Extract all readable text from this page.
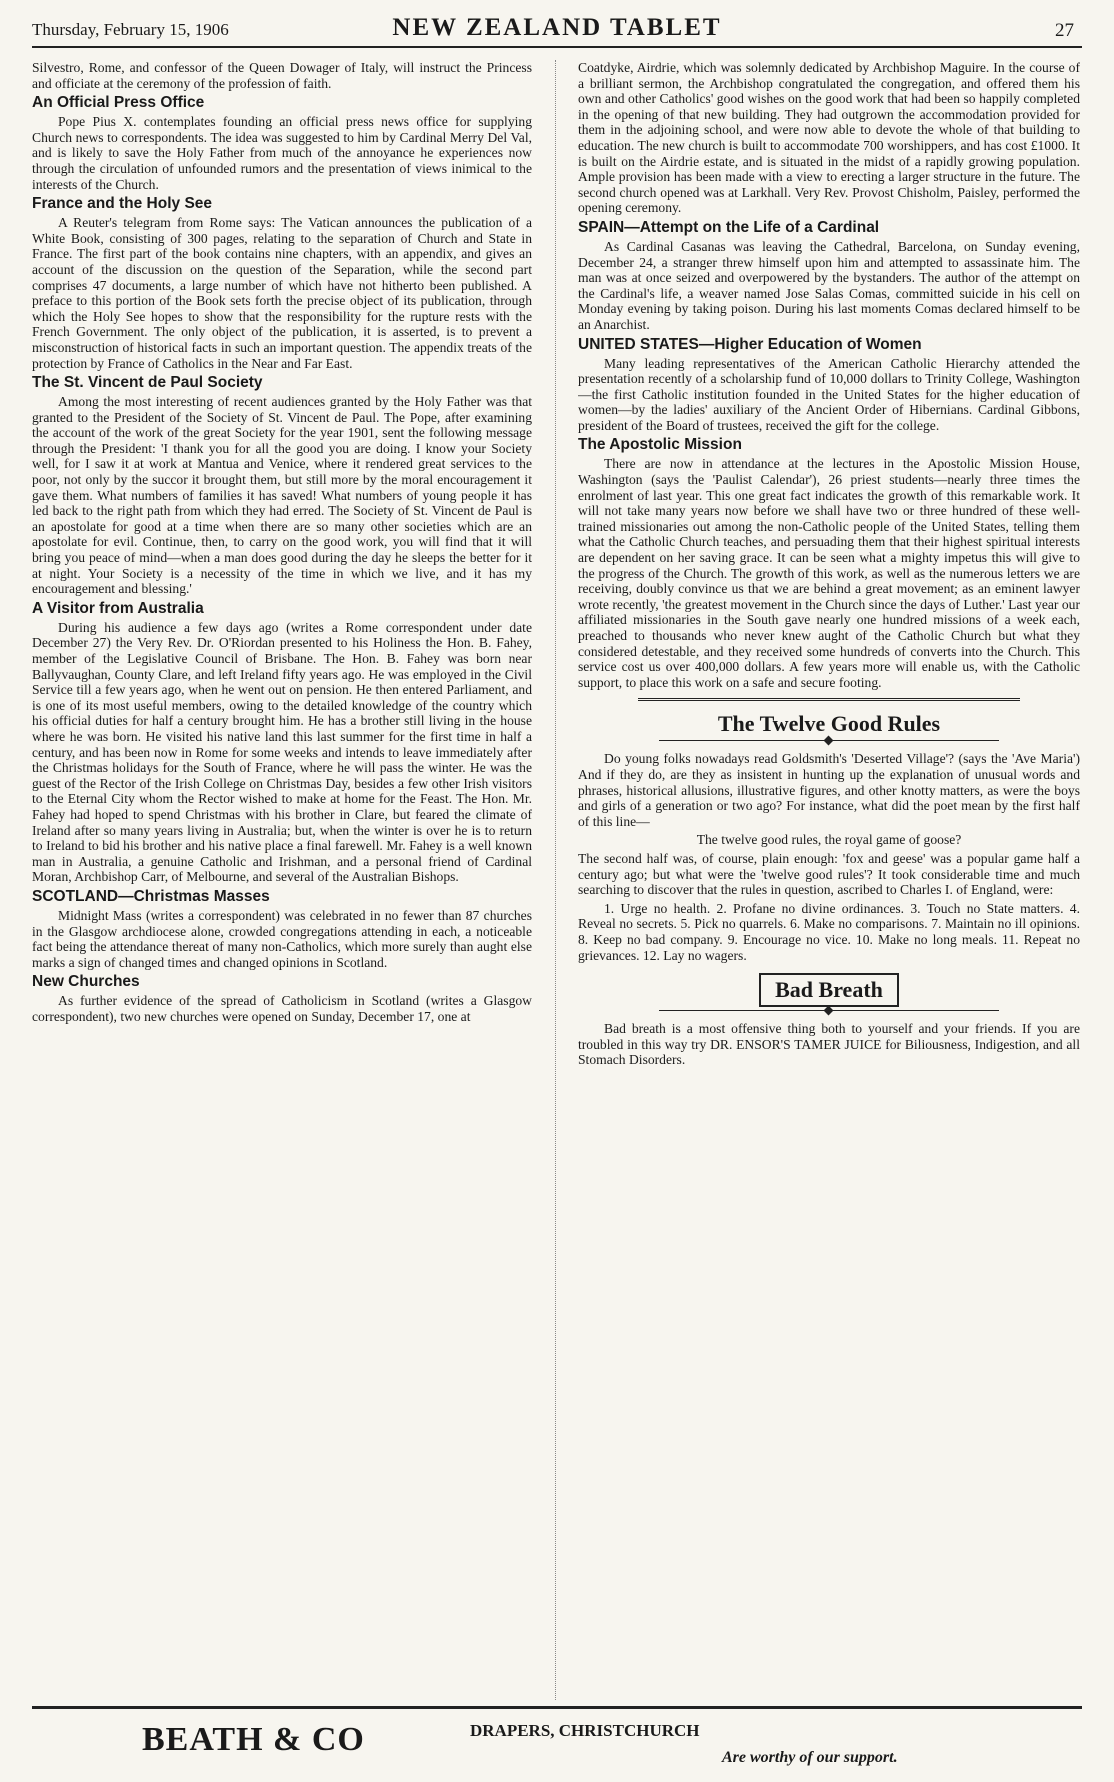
Thursday, February 15, 1906	NEW ZEALAND TABLET	27

Silvestro, Rome, and confessor of the Queen Dowager of Italy, will instruct the Princess and officiate at the ceremony of the profession of faith.

An Official Press Office

Pope Pius X. contemplates founding an official press news office for supplying Church news to correspondents. The idea was suggested to him by Cardinal Merry Del Val, and is likely to save the Holy Father from much of the annoyance he experiences now through the circulation of unfounded rumors and the presentation of views inimical to the interests of the Church.

France and the Holy See

A Reuter's telegram from Rome says: The Vatican announces the publication of a White Book, consisting of 300 pages, relating to the separation of Church and State in France. The first part of the book contains nine chapters, with an appendix, and gives an account of the discussion on the question of the Separation, while the second part comprises 47 documents, a large number of which have not hitherto been published. A preface to this portion of the Book sets forth the precise object of its publication, through which the Holy See hopes to show that the responsibility for the rupture rests with the French Government. The only object of the publication, it is asserted, is to prevent a misconstruction of historical facts in such an important question. The appendix treats of the protection by France of Catholics in the Near and Far East.

The St. Vincent de Paul Society

Among the most interesting of recent audiences granted by the Holy Father was that granted to the President of the Society of St. Vincent de Paul. The Pope, after examining the account of the work of the great Society for the year 1901, sent the following message through the President: 'I thank you for all the good you are doing. I know your Society well, for I saw it at work at Mantua and Venice, where it rendered great services to the poor, not only by the succor it brought them, but still more by the moral encouragement it gave them. What numbers of families it has saved! What numbers of young people it has led back to the right path from which they had erred. The Society of St. Vincent de Paul is an apostolate for good at a time when there are so many other societies which are an apostolate for evil. Continue, then, to carry on the good work, you will find that it will bring you peace of mind—when a man does good during the day he sleeps the better for it at night. Your Society is a necessity of the time in which we live, and it has my encouragement and blessing.'

A Visitor from Australia

During his audience a few days ago (writes a Rome correspondent under date December 27) the Very Rev. Dr. O'Riordan presented to his Holiness the Hon. B. Fahey, member of the Legislative Council of Brisbane. The Hon. B. Fahey was born near Ballyvaughan, County Clare, and left Ireland fifty years ago. He was employed in the Civil Service till a few years ago, when he went out on pension. He then entered Parliament, and is one of its most useful members, owing to the detailed knowledge of the country which his official duties for half a century brought him. He has a brother still living in the house where he was born. He visited his native land this last summer for the first time in half a century, and has been now in Rome for some weeks and intends to leave immediately after the Christmas holidays for the South of France, where he will pass the winter. He was the guest of the Rector of the Irish College on Christmas Day, besides a few other Irish visitors to the Eternal City whom the Rector wished to make at home for the Feast. The Hon. Mr. Fahey had hoped to spend Christmas with his brother in Clare, but feared the climate of Ireland after so many years living in Australia; but, when the winter is over he is to return to Ireland to bid his brother and his native place a final farewell. Mr. Fahey is a well known man in Australia, a genuine Catholic and Irishman, and a personal friend of Cardinal Moran, Archbishop Carr, of Melbourne, and several of the Australian Bishops.

SCOTLAND—Christmas Masses

Midnight Mass (writes a correspondent) was celebrated in no fewer than 87 churches in the Glasgow archdiocese alone, crowded congregations attending in each, a noticeable fact being the attendance thereat of many non-Catholics, which more surely than aught else marks a sign of changed times and changed opinions in Scotland.

New Churches

As further evidence of the spread of Catholicism in Scotland (writes a Glasgow correspondent), two new churches were opened on Sunday, December 17, one at

Coatdyke, Airdrie, which was solemnly dedicated by Archbishop Maguire. In the course of a brilliant sermon, the Archbishop congratulated the congregation, and offered them his own and other Catholics' good wishes on the good work that had been so happily completed in the opening of that new building. They had outgrown the accommodation provided for them in the adjoining school, and were now able to devote the whole of that building to education. The new church is built to accommodate 700 worshippers, and has cost £1000. It is built on the Airdrie estate, and is situated in the midst of a rapidly growing population. Ample provision has been made with a view to erecting a larger structure in the future. The second church opened was at Larkhall. Very Rev. Provost Chisholm, Paisley, performed the opening ceremony.

SPAIN—Attempt on the Life of a Cardinal

As Cardinal Casanas was leaving the Cathedral, Barcelona, on Sunday evening, December 24, a stranger threw himself upon him and attempted to assassinate him. The man was at once seized and overpowered by the bystanders. The author of the attempt on the Cardinal's life, a weaver named Jose Salas Comas, committed suicide in his cell on Monday evening by taking poison. During his last moments Comas declared himself to be an Anarchist.

UNITED STATES—Higher Education of Women

Many leading representatives of the American Catholic Hierarchy attended the presentation recently of a scholarship fund of 10,000 dollars to Trinity College, Washington—the first Catholic institution founded in the United States for the higher education of women—by the ladies' auxiliary of the Ancient Order of Hibernians. Cardinal Gibbons, president of the Board of trustees, received the gift for the college.

The Apostolic Mission

There are now in attendance at the lectures in the Apostolic Mission House, Washington (says the 'Paulist Calendar'), 26 priest students—nearly three times the enrolment of last year. This one great fact indicates the growth of this remarkable work. It will not take many years now before we shall have two or three hundred of these well-trained missionaries out among the non-Catholic people of the United States, telling them what the Catholic Church teaches, and persuading them that their highest spiritual interests are dependent on her saving grace. It can be seen what a mighty impetus this will give to the progress of the Church. The growth of this work, as well as the numerous letters we are receiving, doubly convince us that we are behind a great movement; as an eminent lawyer wrote recently, 'the greatest movement in the Church since the days of Luther.' Last year our affiliated missionaries in the South gave nearly one hundred missions of a week each, preached to thousands who never knew aught of the Catholic Church but what they considered detestable, and they received some hundreds of converts into the Church. This service cost us over 400,000 dollars. A few years more will enable us, with the Catholic support, to place this work on a safe and secure footing.

The Twelve Good Rules

Do young folks nowadays read Goldsmith's 'Deserted Village'? (says the 'Ave Maria') And if they do, are they as insistent in hunting up the explanation of unusual words and phrases, historical allusions, illustrative figures, and other knotty matters, as were the boys and girls of a generation or two ago? For instance, what did the poet mean by the first half of this line—

The twelve good rules, the royal game of goose?

The second half was, of course, plain enough: 'fox and geese' was a popular game half a century ago; but what were the 'twelve good rules'? It took considerable time and much searching to discover that the rules in question, ascribed to Charles I. of England, were:

1. Urge no health. 2. Profane no divine ordinances. 3. Touch no State matters. 4. Reveal no secrets. 5. Pick no quarrels. 6. Make no comparisons. 7. Maintain no ill opinions. 8. Keep no bad company. 9. Encourage no vice. 10. Make no long meals. 11. Repeat no grievances. 12. Lay no wagers.

Bad Breath

Bad breath is a most offensive thing both to yourself and your friends. If you are troubled in this way try DR. ENSOR'S TAMER JUICE for Biliousness, Indigestion, and all Stomach Disorders.

BEATH & CO	DRAPERS, CHRISTCHURCH
Are worthy of our support.
